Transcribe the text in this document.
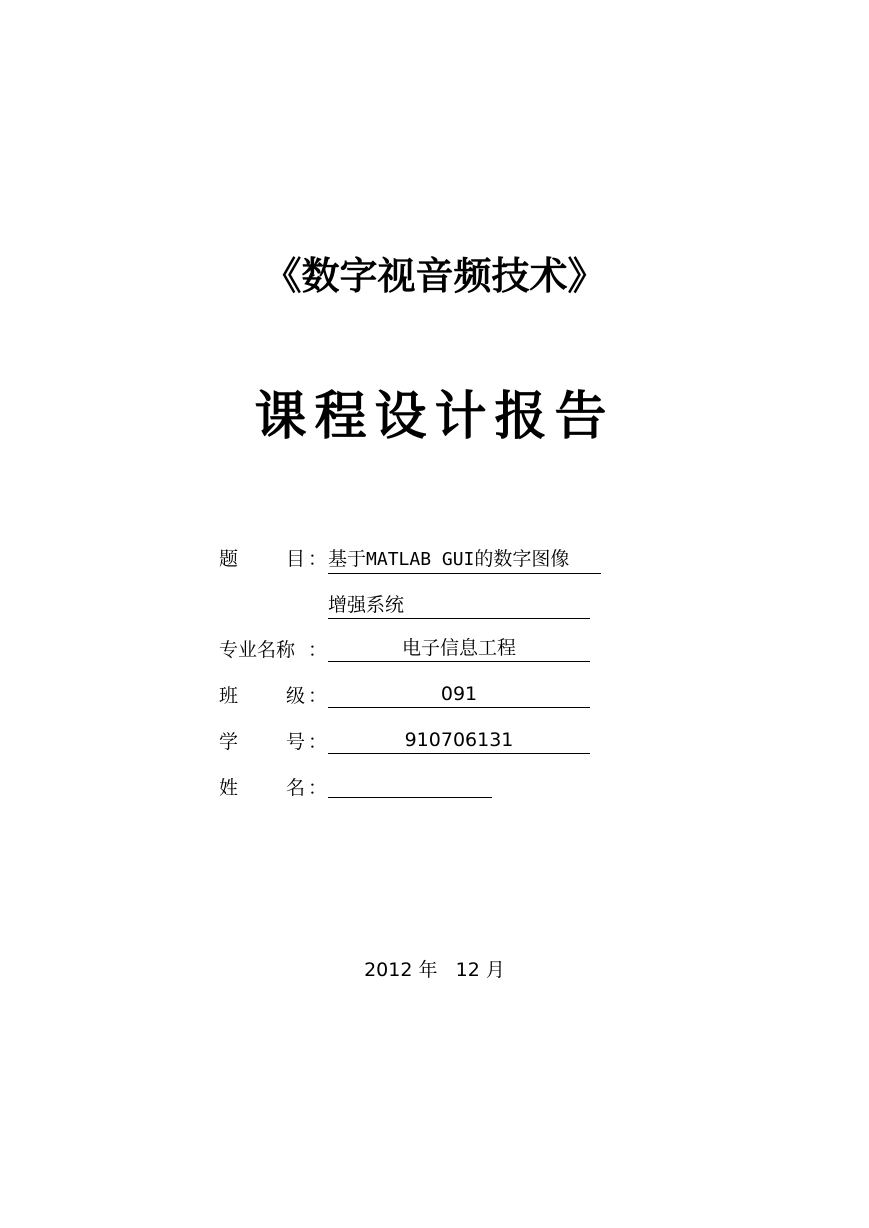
《数字视音频技术》
课程设计报告
题	目 ： 基于MATLAB GUI的数字图像
增强系统
专业名称 ：	电子信息工程
班	级 ：	091
学	号 ：	910706131
姓	名 ：
2012 年 12 月
